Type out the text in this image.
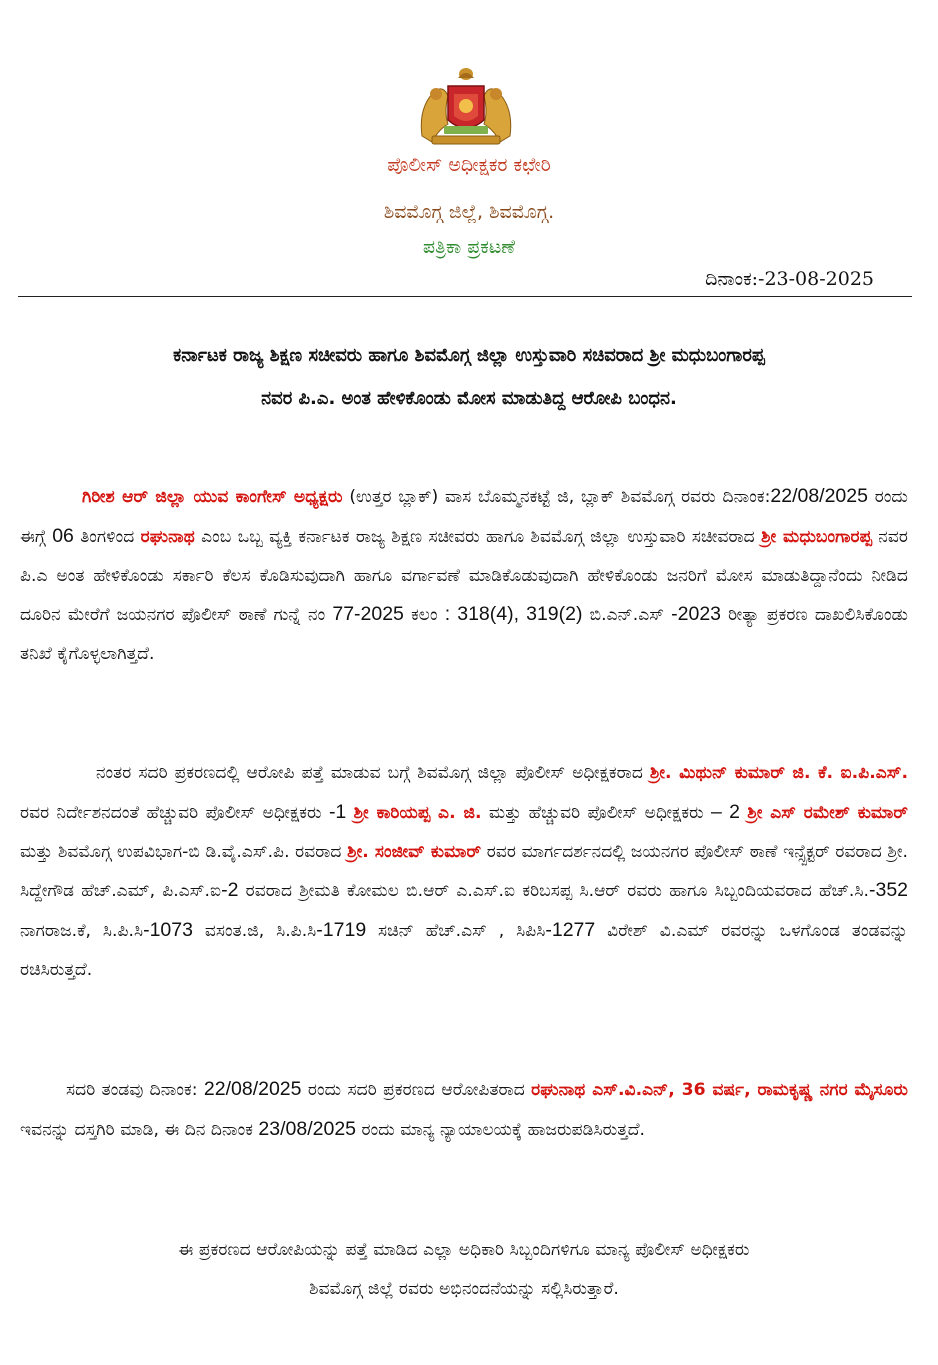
ಪೊಲೀಸ್ ಅಧೀಕ್ಷಕರ ಕಛೇರಿ
ಶಿವಮೊಗ್ಗ ಜಿಲ್ಲೆ, ಶಿವಮೊಗ್ಗ.
ಪತ್ರಿಕಾ ಪ್ರಕಟಣೆ
ದಿನಾಂಕ:-23-08-2025
ಕರ್ನಾಟಕ ರಾಜ್ಯ ಶಿಕ್ಷಣ ಸಚೀವರು ಹಾಗೂ ಶಿವಮೊಗ್ಗ ಜಿಲ್ಲಾ ಉಸ್ತುವಾರಿ ಸಚಿವರಾದ ಶ್ರೀ ಮಧುಬಂಗಾರಪ್ಪ
ನವರ ಪಿ.ಎ. ಅಂತ ಹೇಳಿಕೊಂಡು ಮೋಸ ಮಾಡುತಿದ್ದ ಆರೋಪಿ ಬಂಧನ.

ಗಿರೀಶ ಆರ್ ಜಿಲ್ಲಾ ಯುವ ಕಾಂಗೇಸ್ ಅಧ್ಯಕ್ಷರು (ಉತ್ತರ ಬ್ಲಾಕ್) ವಾಸ ಬೊಮ್ಮನಕಟ್ಟೆ ಜಿ, ಬ್ಲಾಕ್ ಶಿವಮೊಗ್ಗ ರವರು ದಿನಾಂಕ:22/08/2025 ರಂದು ಈಗ್ಗೆ 06 ತಿಂಗಳಿಂದ ರಘುನಾಥ ಎಂಬ ಒಬ್ಬ ವ್ಯಕ್ತಿ ಕರ್ನಾಟಕ ರಾಜ್ಯ ಶಿಕ್ಷಣ ಸಚೀವರು ಹಾಗೂ ಶಿವಮೊಗ್ಗ ಜಿಲ್ಲಾ ಉಸ್ತುವಾರಿ ಸಚೀವರಾದ ಶ್ರೀ ಮಧುಬಂಗಾರಪ್ಪ ನವರ ಪಿ.ಎ ಅಂತ ಹೇಳಿಕೊಂಡು ಸರ್ಕಾರಿ ಕೆಲಸ ಕೊಡಿಸುವುದಾಗಿ ಹಾಗೂ ವರ್ಗಾವಣೆ ಮಾಡಿಕೊಡುವುದಾಗಿ ಹೇಳಿಕೊಂಡು ಜನರಿಗೆ ಮೋಸ ಮಾಡುತಿದ್ದಾನೆಂದು ನೀಡಿದ ದೂರಿನ ಮೇರೆಗೆ ಜಯನಗರ ಪೊಲೀಸ್ ಠಾಣೆ ಗುನ್ನೆ ನಂ 77-2025 ಕಲಂ : 318(4), 319(2) ಬಿ.ಎನ್.ಎಸ್ -2023 ರೀತ್ಯಾ ಪ್ರಕರಣ ದಾಖಲಿಸಿಕೊಂಡು ತನಿಖೆ ಕೈಗೊಳ್ಳಲಾಗಿತ್ತದೆ.

ನಂತರ ಸದರಿ ಪ್ರಕರಣದಲ್ಲಿ ಆರೋಪಿ ಪತ್ತೆ ಮಾಡುವ ಬಗ್ಗೆ ಶಿವಮೊಗ್ಗ ಜಿಲ್ಲಾ ಪೊಲೀಸ್ ಅಧೀಕ್ಷಕರಾದ ಶ್ರೀ. ಮಿಥುನ್ ಕುಮಾರ್ ಜಿ. ಕೆ. ಐ.ಪಿ.ಎಸ್. ರವರ ನಿರ್ದೇಶನದಂತೆ ಹೆಚ್ಚುವರಿ ಪೊಲೀಸ್ ಅಧೀಕ್ಷಕರು -1 ಶ್ರೀ ಕಾರಿಯಪ್ಪ ಎ. ಜಿ. ಮತ್ತು ಹೆಚ್ಚುವರಿ ಪೊಲೀಸ್ ಅಧೀಕ್ಷಕರು – 2 ಶ್ರೀ ಎಸ್ ರಮೇಶ್ ಕುಮಾರ್ ಮತ್ತು ಶಿವಮೊಗ್ಗ ಉಪವಿಭಾಗ-ಬಿ ಡಿ.ವೈ.ಎಸ್.ಪಿ. ರವರಾದ ಶ್ರೀ. ಸಂಜೀವ್ ಕುಮಾರ್ ರವರ ಮಾರ್ಗದರ್ಶನದಲ್ಲಿ ಜಯನಗರ ಪೊಲೀಸ್ ಠಾಣೆ ಇನ್ಸ್ಪೆಕ್ಟರ್ ರವರಾದ ಶ್ರೀ. ಸಿದ್ದೇಗೌಡ ಹೆಚ್.ಎಮ್, ಪಿ.ಎಸ್.ಐ-2 ರವರಾದ ಶ್ರೀಮತಿ ಕೋಮಲ ಬಿ.ಆರ್ ಎ.ಎಸ್.ಐ ಕರಿಬಸಪ್ಪ ಸಿ.ಆರ್ ರವರು ಹಾಗೂ ಸಿಬ್ಬಂದಿಯವರಾದ ಹೆಚ್.ಸಿ.-352 ನಾಗರಾಜ.ಕೆ, ಸಿ.ಪಿ.ಸಿ-1073 ವಸಂತ.ಜಿ, ಸಿ.ಪಿ.ಸಿ-1719 ಸಚಿನ್ ಹೆಚ್.ಎಸ್ , ಸಿಪಿಸಿ-1277 ವಿರೇಶ್ ವಿ.ಎಮ್ ರವರನ್ನು ಒಳಗೊಂಡ ತಂಡವನ್ನು ರಚಿಸಿರುತ್ತದೆ.

ಸದರಿ ತಂಡವು ದಿನಾಂಕ: 22/08/2025 ರಂದು ಸದರಿ ಪ್ರಕರಣದ ಆರೋಪಿತರಾದ ರಘುನಾಥ ಎಸ್.ವಿ.ಎನ್, 36 ವರ್ಷ, ರಾಮಕೃಷ್ಣ ನಗರ ಮೈಸೂರು ಇವನನ್ನು ದಸ್ತಗಿರಿ ಮಾಡಿ, ಈ ದಿನ ದಿನಾಂಕ 23/08/2025 ರಂದು ಮಾನ್ಯ ನ್ಯಾಯಾಲಯಕ್ಕೆ ಹಾಜರುಪಡಿಸಿರುತ್ತದೆ.

ಈ ಪ್ರಕರಣದ ಆರೋಪಿಯನ್ನು ಪತ್ತೆ ಮಾಡಿದ ಎಲ್ಲಾ ಅಧಿಕಾರಿ ಸಿಬ್ಬಂದಿಗಳಿಗೂ ಮಾನ್ಯ ಪೊಲೀಸ್ ಅಧೀಕ್ಷಕರು
ಶಿವಮೊಗ್ಗ ಜಿಲ್ಲೆ ರವರು ಅಭಿನಂದನೆಯನ್ನು ಸಲ್ಲಿಸಿರುತ್ತಾರೆ.
